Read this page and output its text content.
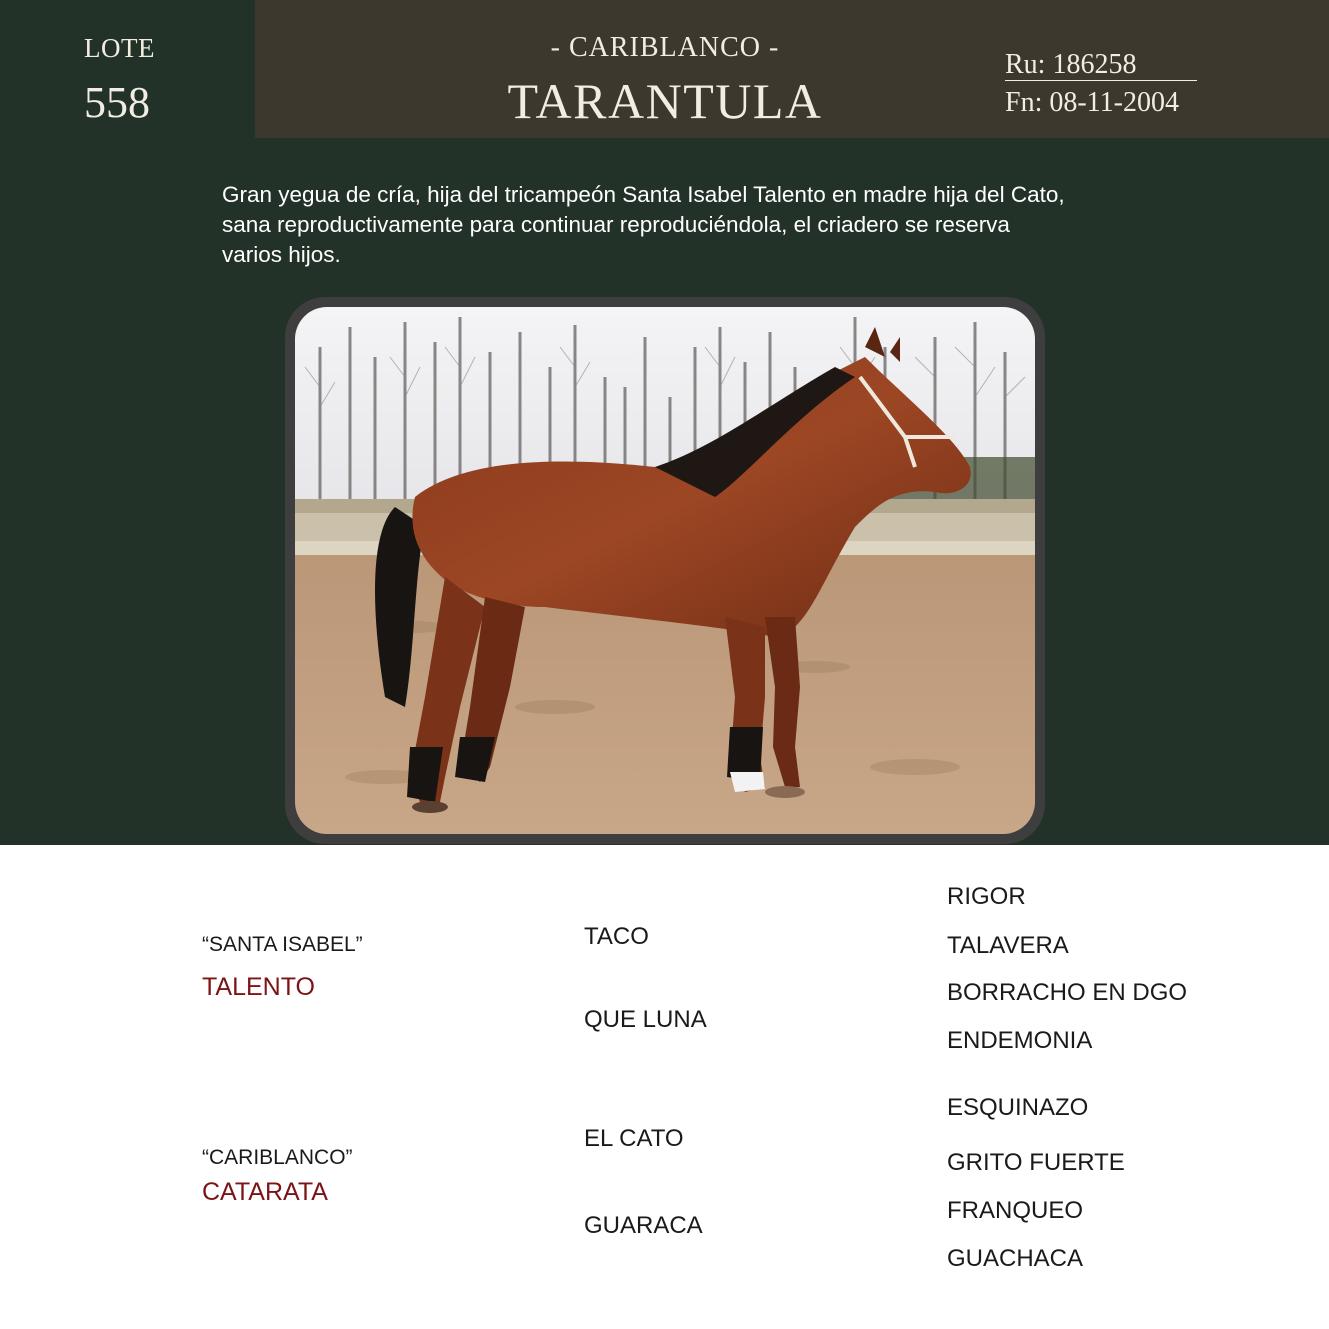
LOTE
558
- CARIBLANCO -
TARANTULA
Ru: 186258
Fn: 08-11-2004
Gran yegua de cría, hija del tricampeón Santa Isabel Talento en madre hija del Cato, sana reproductivamente para continuar reproduciéndola, el criadero se reserva varios hijos.
“SANTA ISABEL”
TALENTO
“CARIBLANCO”
CATARATA
TACO
QUE LUNA
EL CATO
GUARACA
RIGOR
TALAVERA
BORRACHO EN DGO
ENDEMONIA
ESQUINAZO
GRITO FUERTE
FRANQUEO
GUACHACA
